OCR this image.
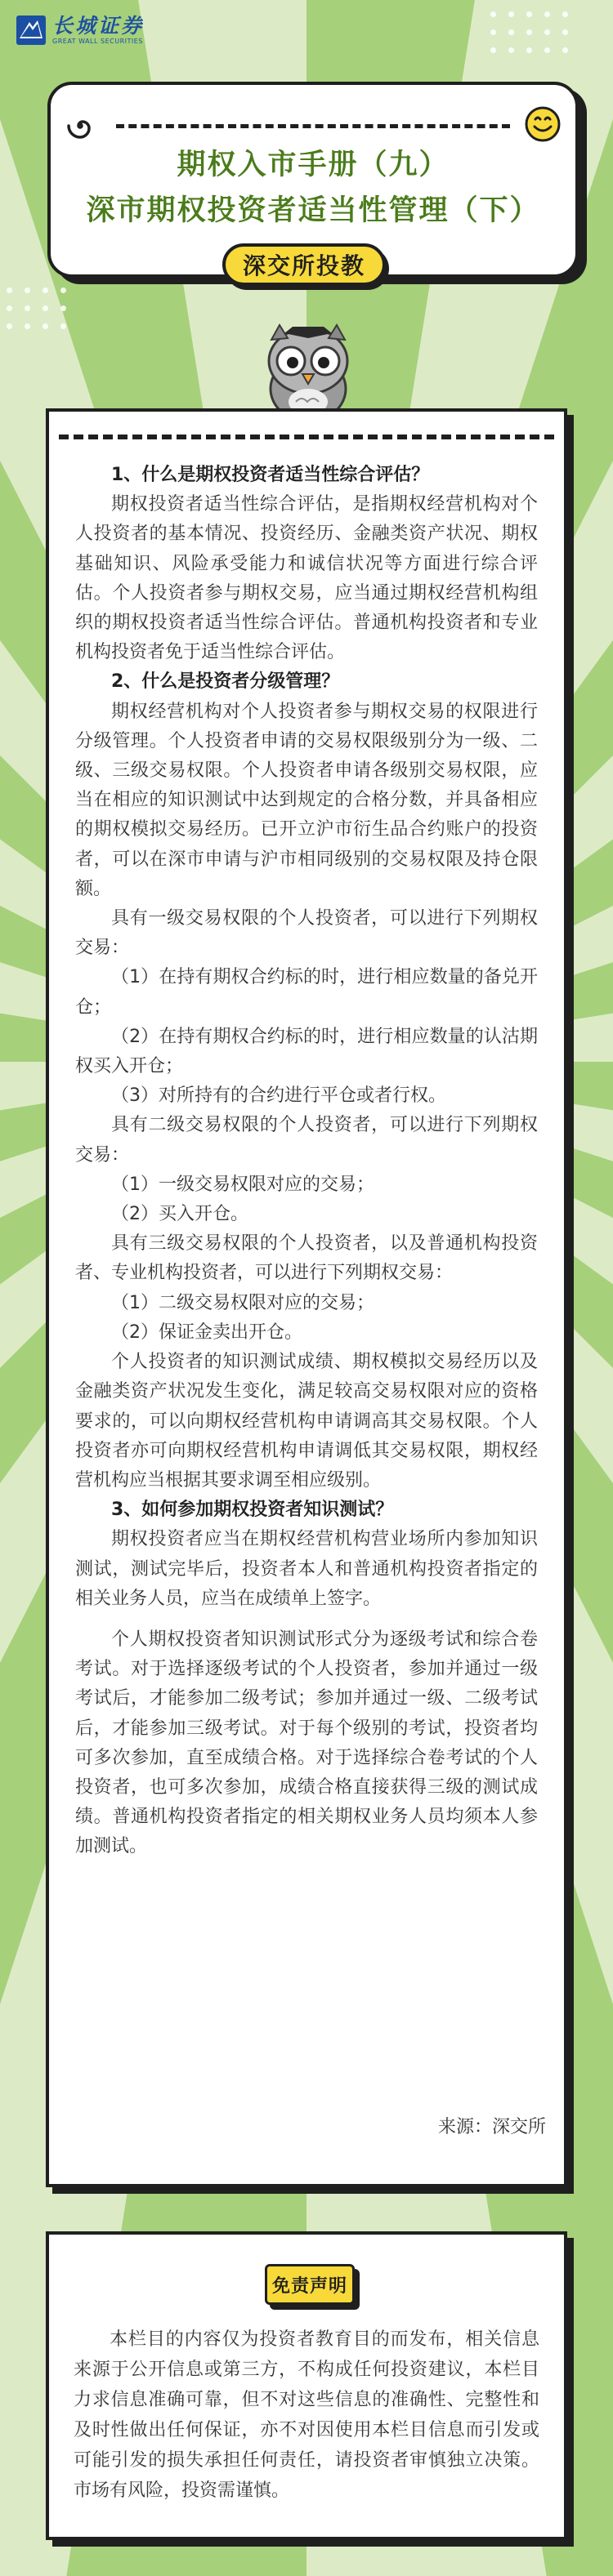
长城证券
GREAT WALL SECURITIES
期权入市手册（九）
深市期权投资者适当性管理（下）
深交所投教

1、什么是期权投资者适当性综合评估？

期权投资者适当性综合评估，是指期权经营机构对个人投资者的基本情况、投资经历、金融类资产状况、期权基础知识、风险承受能力和诚信状况等方面进行综合评估。个人投资者参与期权交易，应当通过期权经营机构组织的期权投资者适当性综合评估。普通机构投资者和专业机构投资者免于适当性综合评估。

2、什么是投资者分级管理？

期权经营机构对个人投资者参与期权交易的权限进行分级管理。个人投资者申请的交易权限级别分为一级、二级、三级交易权限。个人投资者申请各级别交易权限，应当在相应的知识测试中达到规定的合格分数，并具备相应的期权模拟交易经历。已开立沪市衍生品合约账户的投资者，可以在深市申请与沪市相同级别的交易权限及持仓限额。

具有一级交易权限的个人投资者，可以进行下列期权交易：

（1）在持有期权合约标的时，进行相应数量的备兑开仓；

（2）在持有期权合约标的时，进行相应数量的认沽期权买入开仓；

（3）对所持有的合约进行平仓或者行权。

具有二级交易权限的个人投资者，可以进行下列期权交易：

（1）一级交易权限对应的交易；

（2）买入开仓。

具有三级交易权限的个人投资者，以及普通机构投资者、专业机构投资者，可以进行下列期权交易：

（1）二级交易权限对应的交易；

（2）保证金卖出开仓。

个人投资者的知识测试成绩、期权模拟交易经历以及金融类资产状况发生变化，满足较高交易权限对应的资格要求的，可以向期权经营机构申请调高其交易权限。个人投资者亦可向期权经营机构申请调低其交易权限，期权经营机构应当根据其要求调至相应级别。

3、如何参加期权投资者知识测试？

期权投资者应当在期权经营机构营业场所内参加知识测试，测试完毕后，投资者本人和普通机构投资者指定的相关业务人员，应当在成绩单上签字。

个人期权投资者知识测试形式分为逐级考试和综合卷考试。对于选择逐级考试的个人投资者，参加并通过一级考试后，才能参加二级考试；参加并通过一级、二级考试后，才能参加三级考试。对于每个级别的考试，投资者均可多次参加，直至成绩合格。对于选择综合卷考试的个人投资者，也可多次参加，成绩合格直接获得三级的测试成绩。普通机构投资者指定的相关期权业务人员均须本人参加测试。

来源：深交所
免责声明

本栏目的内容仅为投资者教育目的而发布，相关信息来源于公开信息或第三方，不构成任何投资建议，本栏目力求信息准确可靠，但不对这些信息的准确性、完整性和及时性做出任何保证，亦不对因使用本栏目信息而引发或可能引发的损失承担任何责任，请投资者审慎独立决策。市场有风险，投资需谨慎。
